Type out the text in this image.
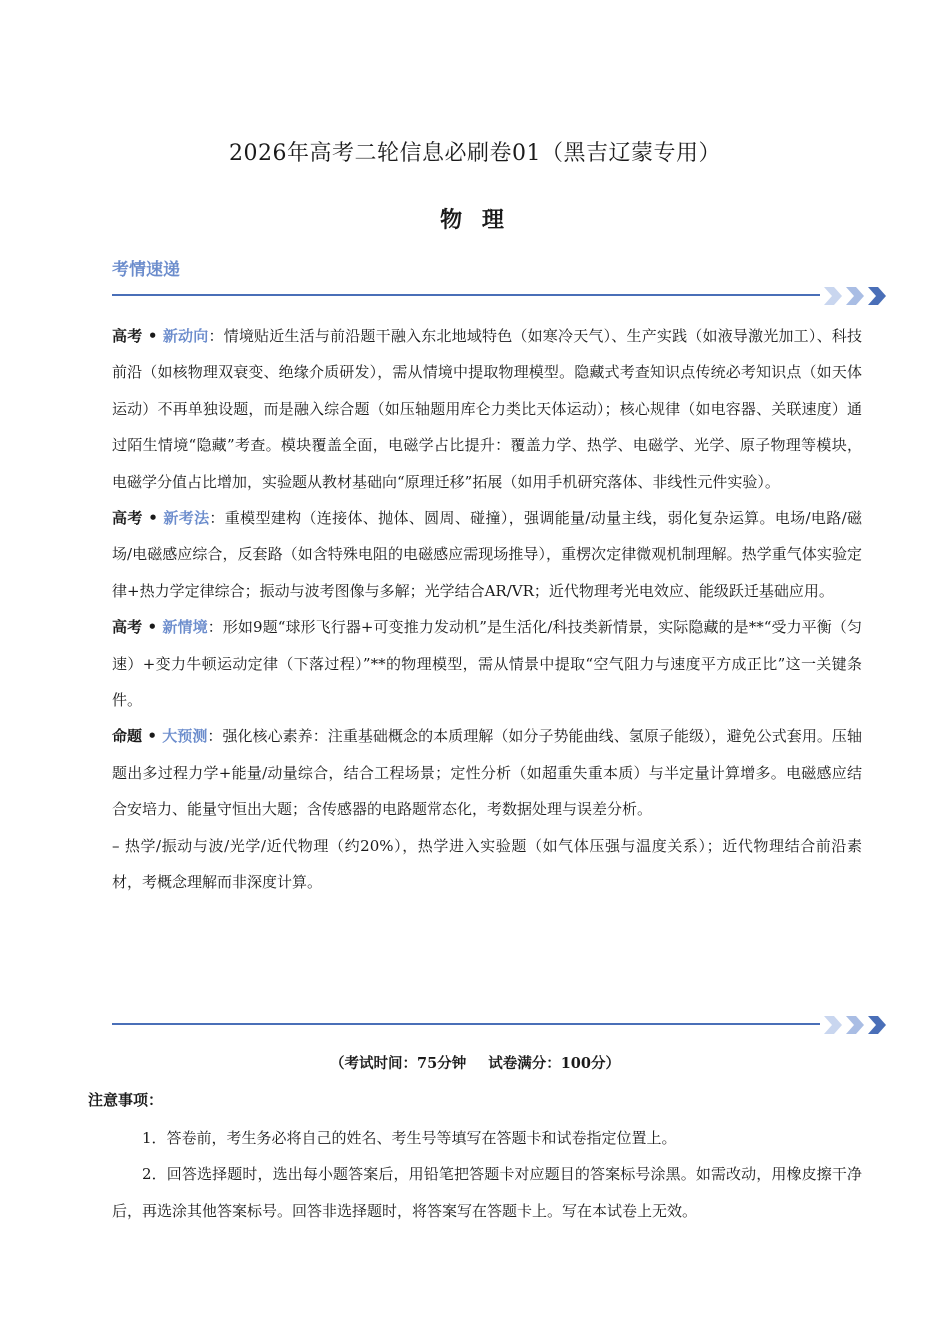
2026年高考二轮信息必刷卷01（黑吉辽蒙专用）
物 理
考情速递

高考 • 新动向：情境贴近生活与前沿题干融入东北地域特色（如寒冷天气）、生产实践（如液导激光加工）、科技前沿（如核物理双衰变、绝缘介质研发），需从情境中提取物理模型。隐藏式考查知识点传统必考知识点（如天体运动）不再单独设题，而是融入综合题（如压轴题用库仑力类比天体运动）；核心规律（如电容器、关联速度）通过陌生情境“隐藏”考查。模块覆盖全面，电磁学占比提升：覆盖力学、热学、电磁学、光学、原子物理等模块，电磁学分值占比增加，实验题从教材基础向“原理迁移”拓展（如用手机研究落体、非线性元件实验）。

高考 • 新考法：重模型建构（连接体、抛体、圆周、碰撞），强调能量/动量主线，弱化复杂运算。电场/电路/磁场/电磁感应综合，反套路（如含特殊电阻的电磁感应需现场推导），重楞次定律微观机制理解。热学重气体实验定律+热力学定律综合；振动与波考图像与多解；光学结合AR/VR；近代物理考光电效应、能级跃迁基础应用。

高考 • 新情境：形如9题“球形飞行器+可变推力发动机”是生活化/科技类新情景，实际隐藏的是**“受力平衡（匀速）+变力牛顿运动定律（下落过程）”**的物理模型，需从情景中提取“空气阻力与速度平方成正比”这一关键条件。

命题 • 大预测：强化核心素养：注重基础概念的本质理解（如分子势能曲线、氢原子能级），避免公式套用。压轴题出多过程力学+能量/动量综合，结合工程场景；定性分析（如超重失重本质）与半定量计算增多。电磁感应结合安培力、能量守恒出大题；含传感器的电路题常态化，考数据处理与误差分析。

– 热学/振动与波/光学/近代物理（约20%），热学进入实验题（如气体压强与温度关系）；近代物理结合前沿素材，考概念理解而非深度计算。

（考试时间：75分钟 试卷满分：100分）
注意事项：

1．答卷前，考生务必将自己的姓名、考生号等填写在答题卡和试卷指定位置上。

2．回答选择题时，选出每小题答案后，用铅笔把答题卡对应题目的答案标号涂黑。如需改动，用橡皮擦干净后，再选涂其他答案标号。回答非选择题时，将答案写在答题卡上。写在本试卷上无效。
